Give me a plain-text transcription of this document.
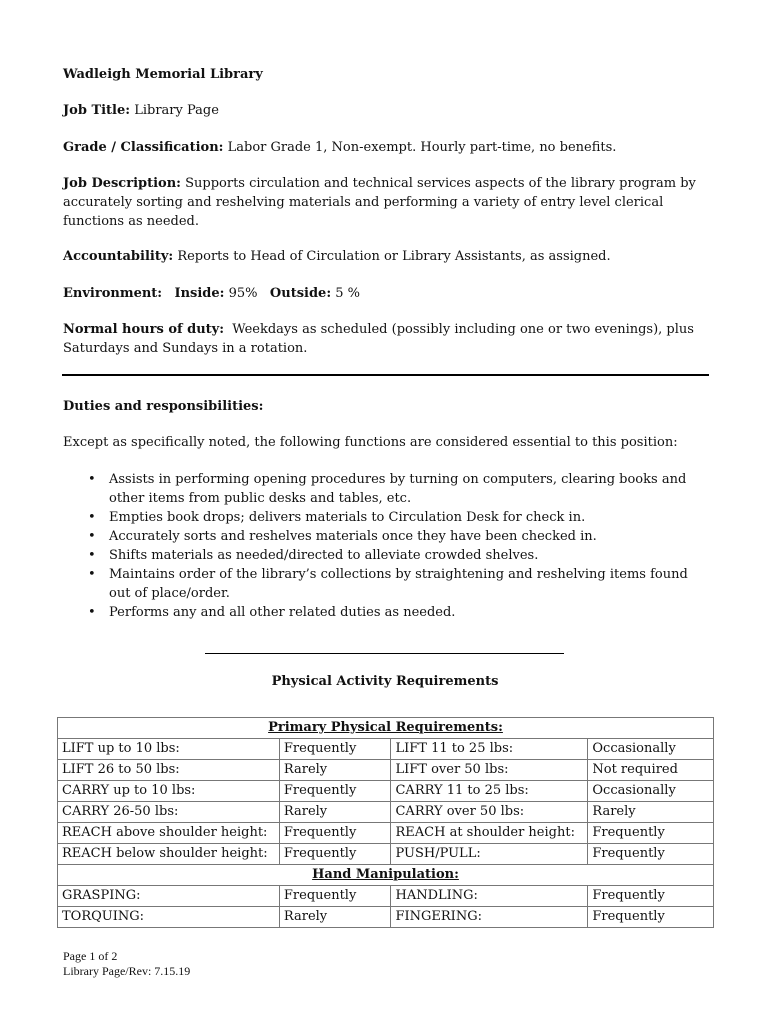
Wadleigh Memorial Library
Job Title: Library Page
Grade / Classification: Labor Grade 1, Non-exempt. Hourly part-time, no benefits.
Job Description: Supports circulation and technical services aspects of the library program by accurately sorting and reshelving materials and performing a variety of entry level clerical functions as needed.
Accountability: Reports to Head of Circulation or Library Assistants, as assigned.
Environment: Inside: 95% Outside: 5 %
Normal hours of duty: Weekdays as scheduled (possibly including one or two evenings), plus Saturdays and Sundays in a rotation.
Duties and responsibilities:
Except as specifically noted, the following functions are considered essential to this position:
• Assists in performing opening procedures by turning on computers, clearing books and other items from public desks and tables, etc.
• Empties book drops; delivers materials to Circulation Desk for check in.
• Accurately sorts and reshelves materials once they have been checked in.
• Shifts materials as needed/directed to alleviate crowded shelves.
• Maintains order of the library’s collections by straightening and reshelving items found out of place/order.
• Performs any and all other related duties as needed.
Physical Activity Requirements
Primary Physical Requirements:			
LIFT up to 10 lbs:	Frequently	LIFT 11 to 25 lbs:	Occasionally
LIFT 26 to 50 lbs:	Rarely	LIFT over 50 lbs:	Not required
CARRY up to 10 lbs:	Frequently	CARRY 11 to 25 lbs:	Occasionally
CARRY 26-50 lbs:	Rarely	CARRY over 50 lbs:	Rarely
REACH above shoulder height:	Frequently	REACH at shoulder height:	Frequently
REACH below shoulder height:	Frequently	PUSH/PULL:	Frequently
Hand Manipulation:			
GRASPING:	Frequently	HANDLING:	Frequently
TORQUING:	Rarely	FINGERING:	Frequently
Page 1 of 2
Library Page/Rev: 7.15.19
